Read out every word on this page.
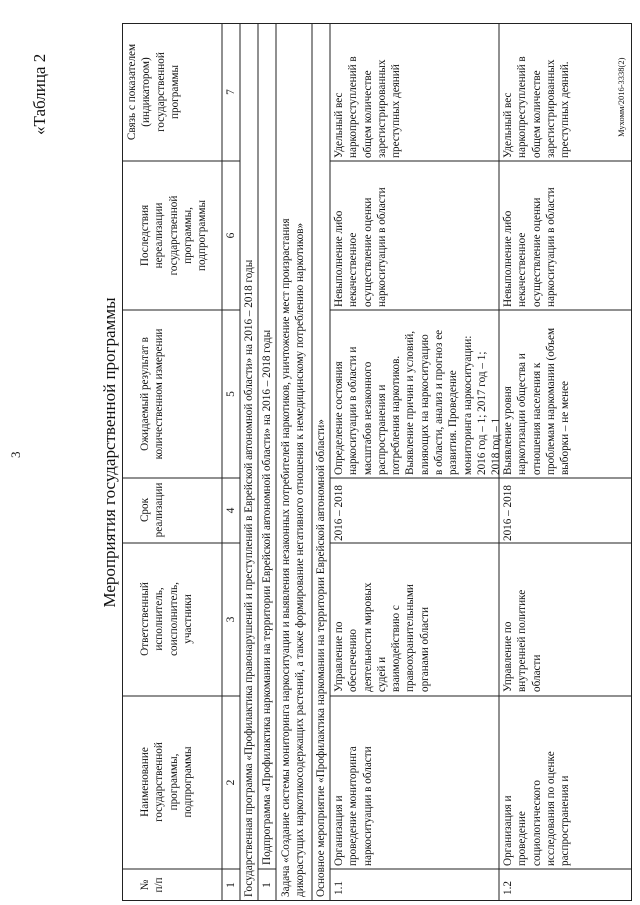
3
«Таблица 2
Мероприятия государственной программы
№
п/п
Наименование
государственной
программы,
подпрограммы
Ответственный
исполнитель,
соисполнитель,
участники
Срок
реализации
Ожидаемый результат в
количественном измерении
Последствия
нереализации
государственной
программы,
подпрограммы
Связь с показателем
(индикатором)
государственной
программы
1
2
3
4
5
6
7
Государственная программа «Профилактика правонарушений и преступлений в Еврейской автономной области» на 2016 – 2018 годы 1
Подпрограмма «Профилактика наркомании на территории Еврейской автономной области» на 2016 – 2018 годы
Задача «Создание системы мониторинга наркоситуации и выявления незаконных потребителей наркотиков, уничтожение мест произрастания
дикорастущих наркотикосодержащих растений, а также формирование негативного отношения к немедицинскому потреблению наркотиков»
Основное мероприятие «Профилактика наркомании на территории Еврейской автономной области» 1.1
Организация и
проведение мониторинга
наркоситуации в области
Управление по
обеспечению
деятельности мировых
судей и
взаимодействию с
правоохранительными
органами области
2016 – 2018
Определение состояния
наркоситуации в области и
масштабов незаконного
распространения и
потребления наркотиков.
Выявление причин и условий,
влияющих на наркоситуацию
в области, анализ и прогноз ее
развития. Проведение
мониторинга наркоситуации:
2016 год – 1; 2017 год – 1;
2018 год – 1
Невыполнение либо
некачественное
осуществление оценки
наркоситуации в области
Удельный вес
наркопреступлений в
общем количестве
зарегистрированных
преступных деяний
1.2
Организация и
проведение
социологического
исследования по оценке
распространения и
Управление по
внутренней политике
области
2016 – 2018
Выявление уровня
наркотизации общества и
отношения населения к
проблемам наркомании (объем
выборки – не менее
Невыполнение либо
некачественное
осуществление оценки
наркоситуации в области
Удельный вес
наркопреступлений в
общем количестве
зарегистрированных
преступных деяний.	Мухомм/2016-3338(2)
